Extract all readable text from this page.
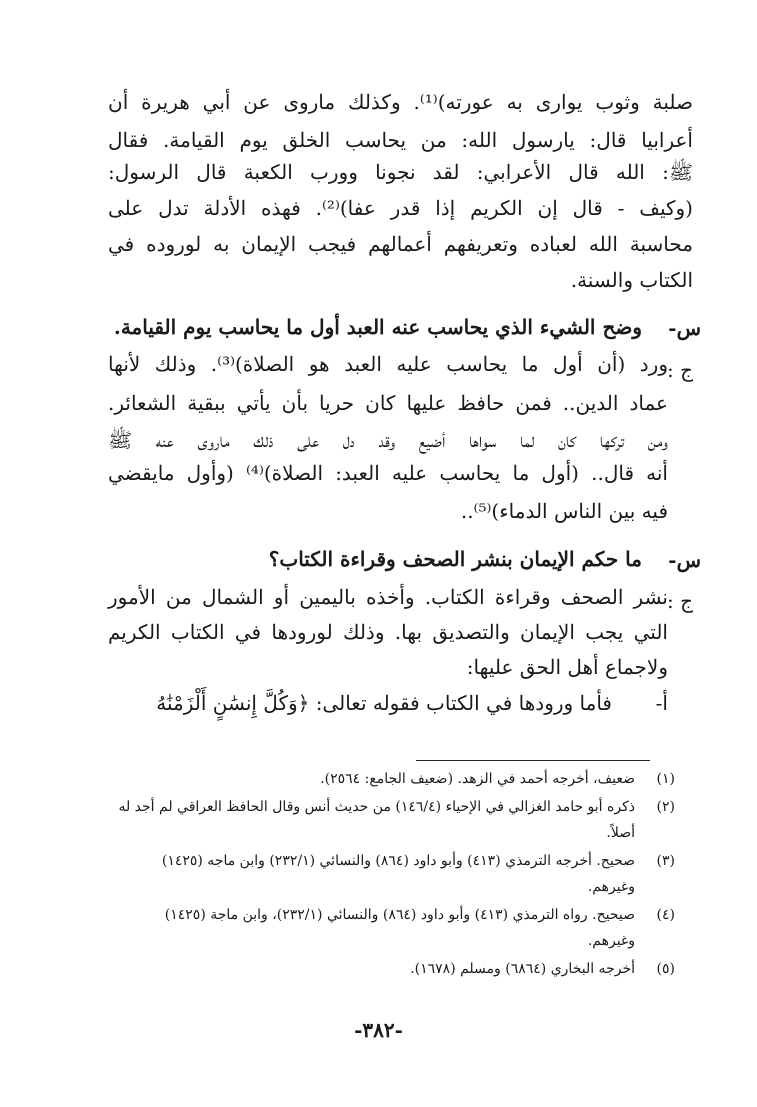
صلبة وثوب يوارى به عورته)⁽¹⁾. وكذلك ماروى عن أبي هريرة أن
أعرابيا قال: يارسول الله: من يحاسب الخلق يوم القيامة. فقال
ﷺ: الله قال الأعرابي: لقد نجونا وورب الكعبة قال الرسول:
(وكيف - قال إن الكريم إذا قدر عفا)⁽²⁾. فهذه الأدلة تدل على
محاسبة الله لعباده وتعريفهم أعمالهم فيجب الإيمان به لوروده في
الكتاب والسنة.
س-
وضح الشيء الذي يحاسب عنه العبد أول ما يحاسب يوم القيامة.
ج :
ورد (أن أول ما يحاسب عليه العبد هو الصلاة)⁽³⁾. وذلك لأنها
عماد الدين.. فمن حافظ عليها كان حريا بأن يأتي ببقية الشعائر.
ومن تركها كان لما سواها أضيع وقد دل على ذلك ماروى عنه ﷺ
أنه قال.. (أول ما يحاسب عليه العبد: الصلاة)⁽⁴⁾ (وأول مايقضي
فيه بين الناس الدماء)⁽⁵⁾..
س-
ما حكم الإيمان بنشر الصحف وقراءة الكتاب؟
ج :
نشر الصحف وقراءة الكتاب. وأخذه باليمين أو الشمال من الأمور
التي يجب الإيمان والتصديق بها. وذلك لورودها في الكتاب الكريم
ولاجماع أهل الحق عليها:
أ-
فأما ورودها في الكتاب فقوله تعالى: ﴿وَكُلَّ إِنسَٰنٍ أَلْزَمْنَٰهُ
(١)
ضعيف، أخرجه أحمد في الزهد. (ضعيف الجامع: ٢٥٦٤).
(٢)
ذكره أبو حامد الغزالي في الإحياء (١٤٦/٤) من حديث أنس وقال الحافظ العراقي لم أجد له
أصلاً.
(٣)
صحيح. أخرجه الترمذي (٤١٣) وأبو داود (٨٦٤) والنسائي (٢٣٢/١) وابن ماجه (١٤٢٥)
وغيرهم.
(٤)
صيحيح. رواه الترمذي (٤١٣) وأبو داود (٨٦٤) والنسائي (٢٣٢/١)، وابن ماجة (١٤٢٥)
وغيرهم.
(٥)
أخرجه البخاري (٦٨٦٤) ومسلم (١٦٧٨).
-٣٨٢-
